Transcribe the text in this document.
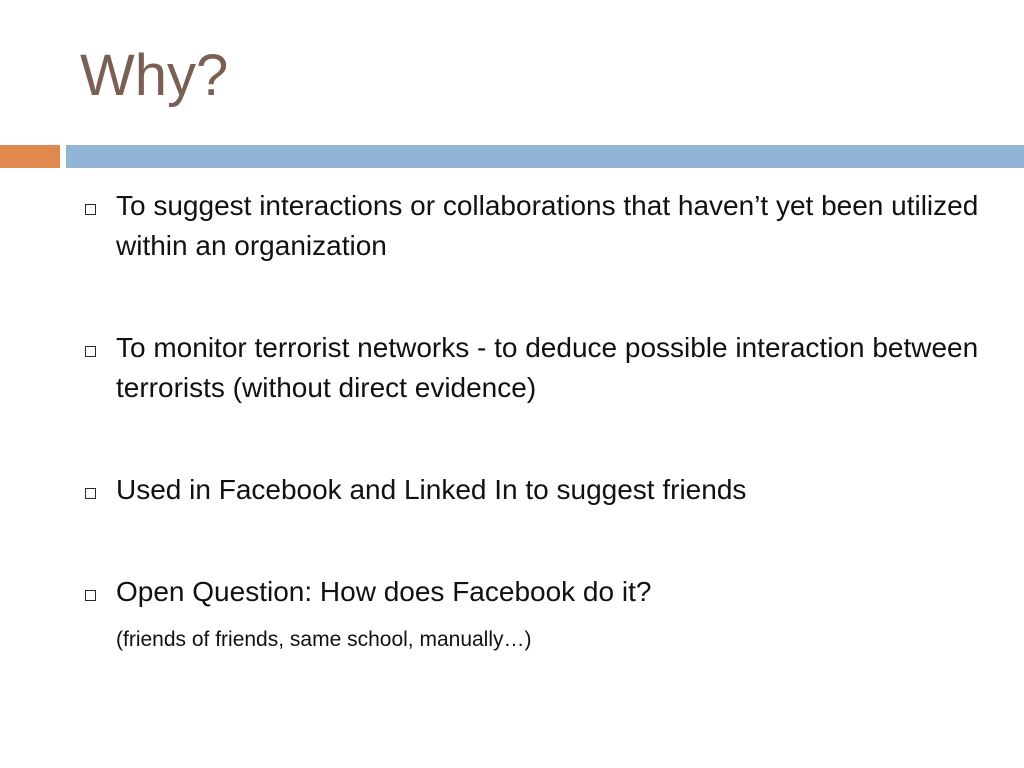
Why?
To suggest interactions or collaborations that haven’t yet been utilized within an organization
To monitor terrorist networks - to deduce possible interaction between terrorists (without direct evidence)
Used in Facebook and Linked In to suggest friends
Open Question: How does Facebook do it?
(friends of friends, same school, manually…)
